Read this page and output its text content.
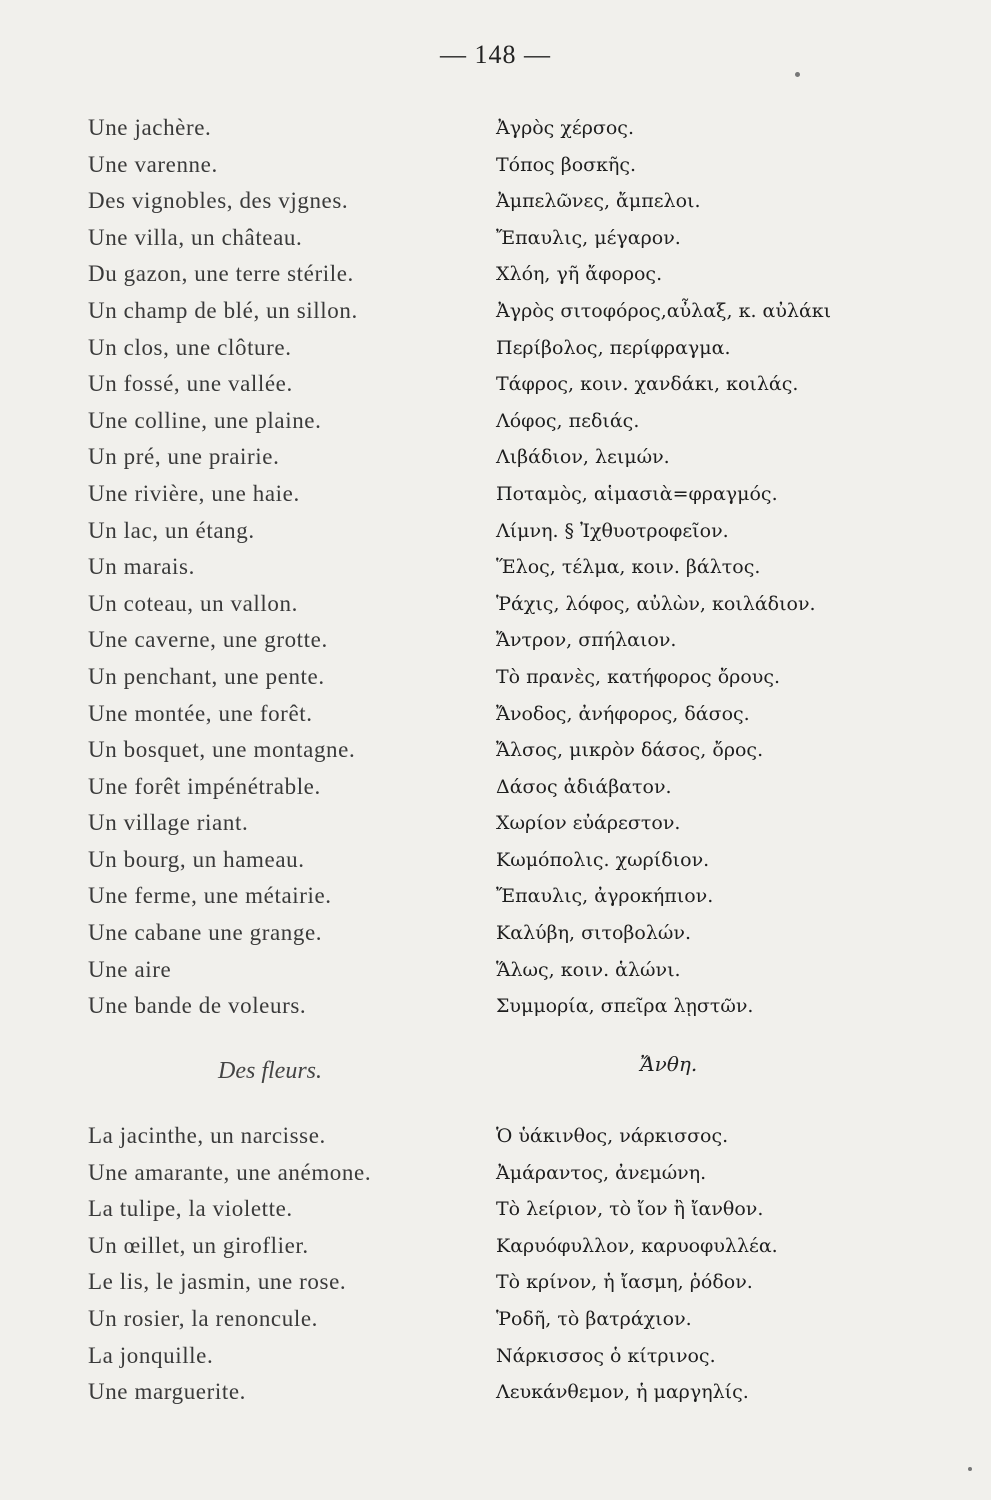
— 148 —
Une jachère.	Ἀγρὸς χέρσος.
Une varenne.	Τόπος βοσκῆς.
Des vignobles, des vjgnes.	Ἀμπελῶνες, ἄμπελοι.
Une villa, un château.	Ἔπαυλις, μέγαρον.
Du gazon, une terre stérile.	Χλόη, γῆ ἄφορος.
Un champ de blé, un sillon.	Ἀγρὸς σιτοφόρος,αὖλαξ, κ. αὐλάκι
Un clos, une clôture.	Περίβολος, περίφραγμα.
Un fossé, une vallée.	Τάφρος, κοιν. χανδάκι, κοιλάς.
Une colline, une plaine.	Λόφος, πεδιάς.
Un pré, une prairie.	Λιβάδιον, λειμών.
Une rivière, une haie.	Ποταμὸς, αἱμασιὰ=φραγμός.
Un lac, un étang.	Λίμνη. § Ἰχθυοτροφεῖον.
Un marais.	Ἕλος, τέλμα, κοιν. βάλτος.
Un coteau, un vallon.	Ῥάχις, λόφος, αὐλὼν, κοιλάδιον.
Une caverne, une grotte.	Ἄντρον, σπήλαιον.
Un penchant, une pente.	Τὸ πρανὲς, κατήφορος ὄρους.
Une montée, une forêt.	Ἄνοδος, ἀνήφορος, δάσος.
Un bosquet, une montagne.	Ἄλσος, μικρὸν δάσος, ὄρος.
Une forêt impénétrable.	Δάσος ἀδιάβατον.
Un village riant.	Χωρίον εὐάρεστον.
Un bourg, un hameau.	Κωμόπολις. χωρίδιον.
Une ferme, une métairie.	Ἔπαυλις, ἀγροκήπιον.
Une cabane une grange.	Καλύβη, σιτοβολών.
Une aire	Ἅλως, κοιν. ἁλώνι.
Une bande de voleurs.	Συμμορία, σπεῖρα λῃστῶν.
Des fleurs.	Ἄνθη.
La jacinthe, un narcisse.	Ὁ ὑάκινθος, νάρκισσος.
Une amarante, une anémone.	Ἀμάραντος, ἀνεμώνη.
La tulipe, la violette.	Τὸ λείριον, τὸ ἴον ἢ ἴανθον.
Un œillet, un giroflier.	Καρυόφυλλον, καρυοφυλλέα.
Le lis, le jasmin, une rose.	Τὸ κρίνον, ἡ ἴασμη, ῥόδον.
Un rosier, la renoncule.	Ῥοδῆ, τὸ βατράχιον.
La jonquille.	Νάρκισσος ὁ κίτρινος.
Une marguerite.	Λευκάνθεμον, ἡ μαργηλίς.
